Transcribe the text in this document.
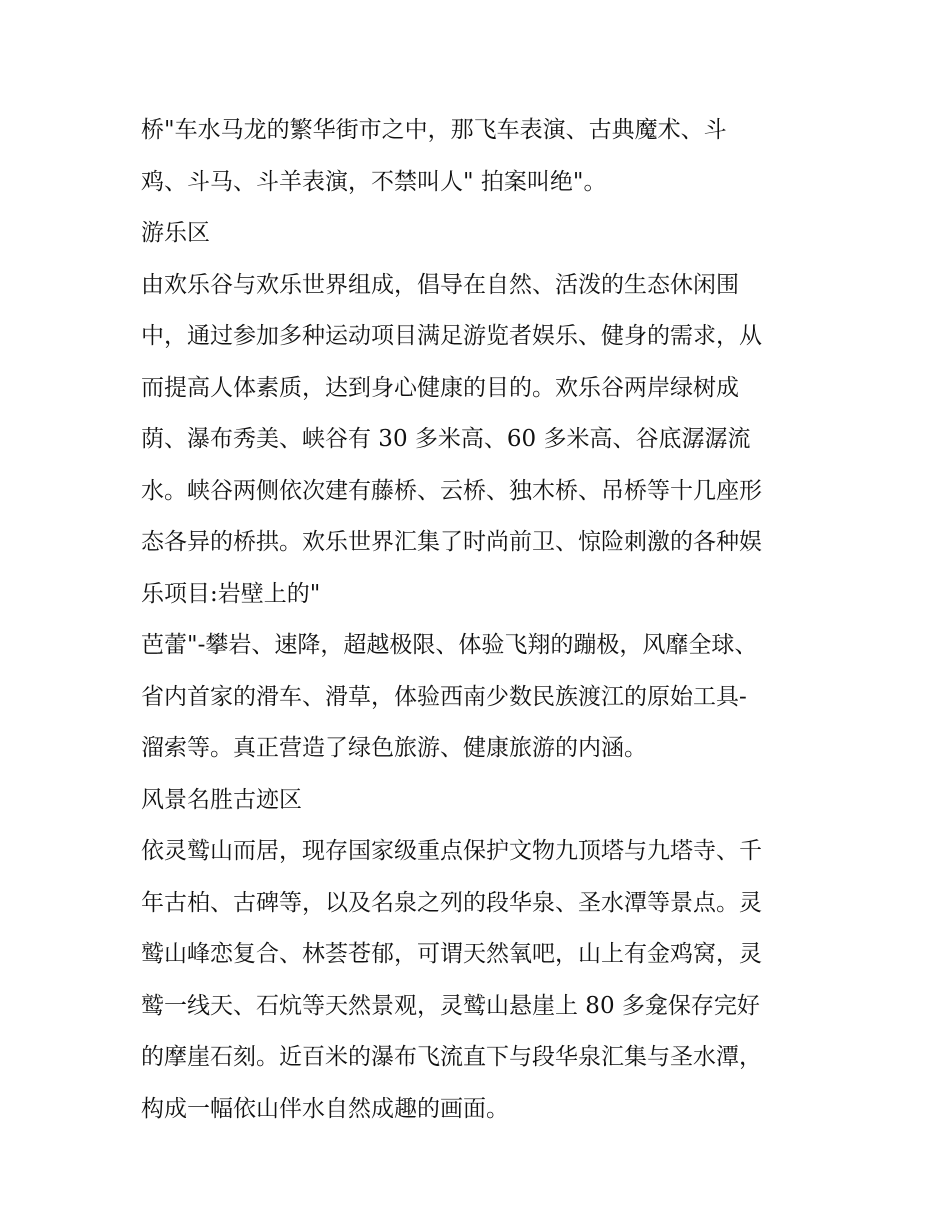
桥"车水马龙的繁华街市之中，那飞车表演、古典魔术、斗
鸡、斗马、斗羊表演，不禁叫人" 拍案叫绝"。
游乐区
由欢乐谷与欢乐世界组成，倡导在自然、活泼的生态休闲围
中，通过参加多种运动项目满足游览者娱乐、健身的需求，从
而提高人体素质，达到身心健康的目的。欢乐谷两岸绿树成
荫、瀑布秀美、峡谷有 30 多米高、60 多米高、谷底潺潺流
水。峡谷两侧依次建有藤桥、云桥、独木桥、吊桥等十几座形
态各异的桥拱。欢乐世界汇集了时尚前卫、惊险刺激的各种娱
乐项目:岩壁上的"
芭蕾"-攀岩、速降，超越极限、体验飞翔的蹦极，风靡全球、
省内首家的滑车、滑草，体验西南少数民族渡江的原始工具-
溜索等。真正营造了绿色旅游、健康旅游的内涵。
风景名胜古迹区
依灵鹫山而居，现存国家级重点保护文物九顶塔与九塔寺、千
年古柏、古碑等，以及名泉之列的段华泉、圣水潭等景点。灵
鹫山峰恋复合、林荟苍郁，可谓天然氧吧，山上有金鸡窝，灵
鹫一线天、石炕等天然景观，灵鹫山悬崖上 80 多龛保存完好
的摩崖石刻。近百米的瀑布飞流直下与段华泉汇集与圣水潭，
构成一幅依山伴水自然成趣的画面。
